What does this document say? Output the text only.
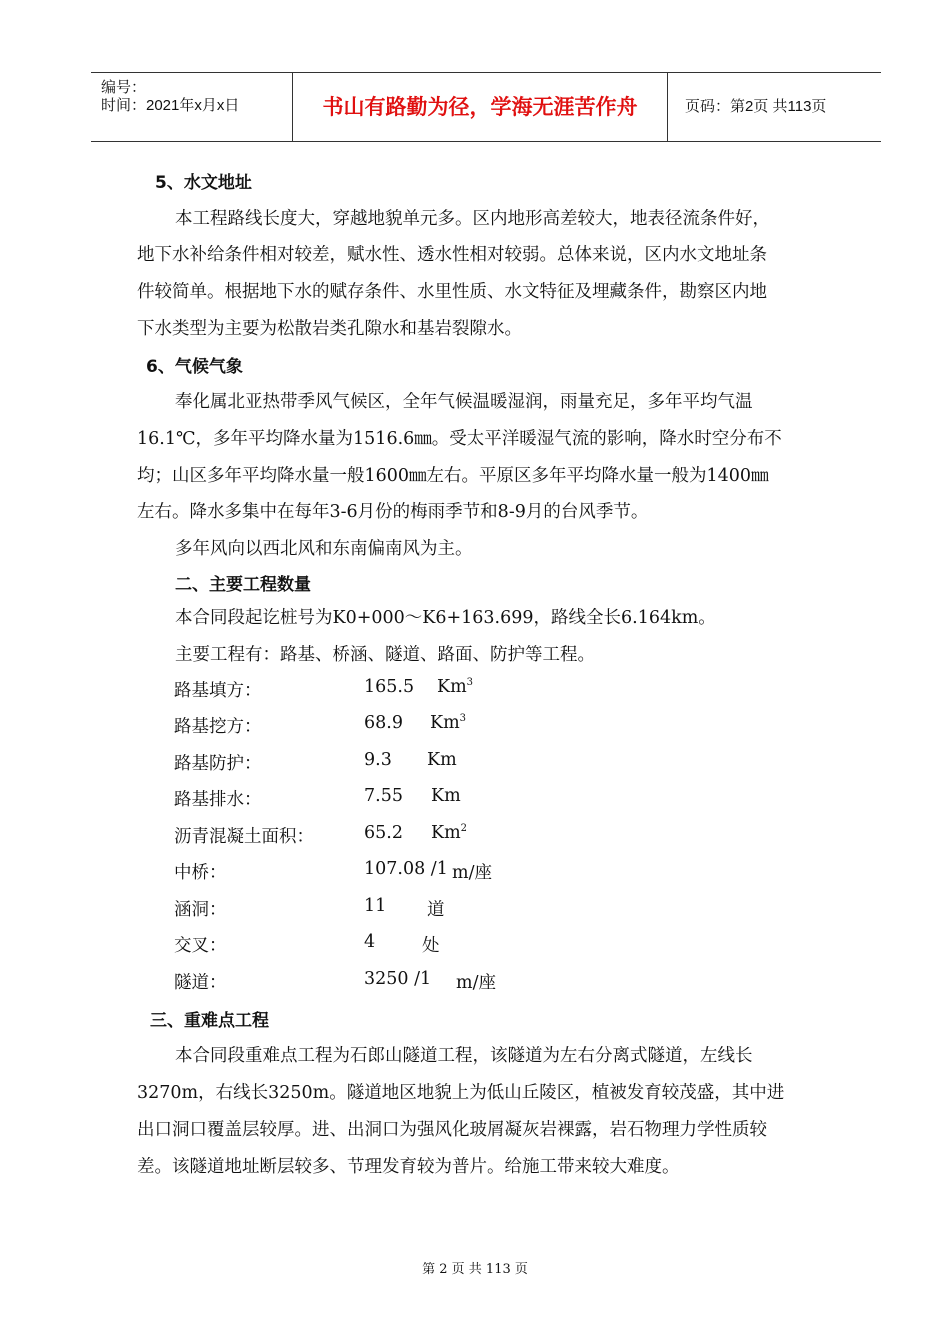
编号：
时间：2021年x月x日	书山有路勤为径，学海无涯苦作舟	页码：第2页 共113页
5、水文地址
本工程路线长度大，穿越地貌单元多。区内地形高差较大，地表径流条件好，
地下水补给条件相对较差，赋水性、透水性相对较弱。总体来说，区内水文地址条
件较简单。根据地下水的赋存条件、水里性质、水文特征及埋藏条件，勘察区内地
下水类型为主要为松散岩类孔隙水和基岩裂隙水。
6、气候气象
奉化属北亚热带季风气候区，全年气候温暖湿润，雨量充足，多年平均气温
16.1℃，多年平均降水量为1516.6㎜。受太平洋暖湿气流的影响，降水时空分布不
均；山区多年平均降水量一般1600㎜左右。平原区多年平均降水量一般为1400㎜
左右。降水多集中在每年3-6月份的梅雨季节和8-9月的台风季节。
多年风向以西北风和东南偏南风为主。
二、主要工程数量
本合同段起讫桩号为K0+000～K6+163.699，路线全长6.164km。
主要工程有：路基、桥涵、隧道、路面、防护等工程。
路基填方：	165.5 Km$^3$
路基挖方：	68.9 Km$^3$
路基防护：	9.3 Km
路基排水：	7.55 Km
沥青混凝土面积：	65.2 Km$^2$
中桥：	107.08 /1 m/座
涵洞：	11 道
交叉：	4	处
隧道：	3250 /1 m/座
三、重难点工程
本合同段重难点工程为石郎山隧道工程，该隧道为左右分离式隧道，左线长
3270m，右线长3250m。隧道地区地貌上为低山丘陵区，植被发育较茂盛，其中进
出口洞口覆盖层较厚。进、出洞口为强风化玻屑凝灰岩裸露，岩石物理力学性质较
差。该隧道地址断层较多、节理发育较为普片。给施工带来较大难度。
第 2 页 共 113 页
